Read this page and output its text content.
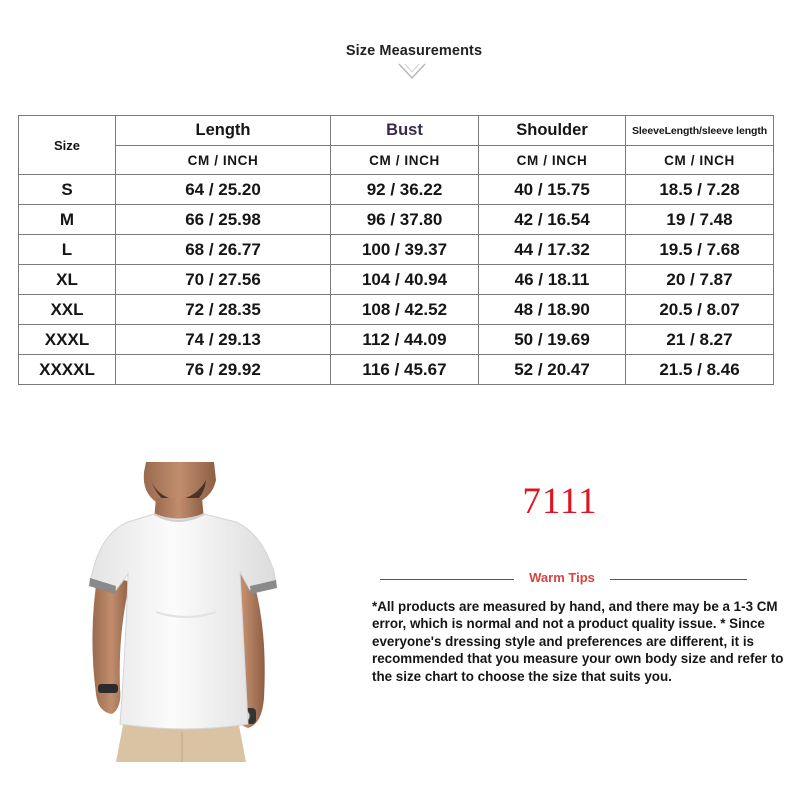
Size Measurements
Size	Length	Bust	Shoulder	SleeveLength/sleeve length
	CM / INCH	CM / INCH	CM / INCH	CM / INCH
S	64 / 25.20	92 / 36.22	40 / 15.75	18.5 / 7.28
M	66 / 25.98	96 / 37.80	42 / 16.54	19 / 7.48
L	68 / 26.77	100 / 39.37	44 / 17.32	19.5 / 7.68
XL	70 / 27.56	104 / 40.94	46 / 18.11	20 / 7.87
XXL	72 / 28.35	108 / 42.52	48 / 18.90	20.5 / 8.07
XXXL	74 / 29.13	112 / 44.09	50 / 19.69	21 / 8.27
XXXXL	76 / 29.92	116 / 45.67	52 / 20.47	21.5 / 8.46
7111
Warm Tips

*All products are measured by hand, and there may be a 1-3 CM error, which is normal and not a product quality issue. * Since everyone's dressing style and preferences are different, it is recommended that you measure your own body size and refer to the size chart to choose the size that suits you.
